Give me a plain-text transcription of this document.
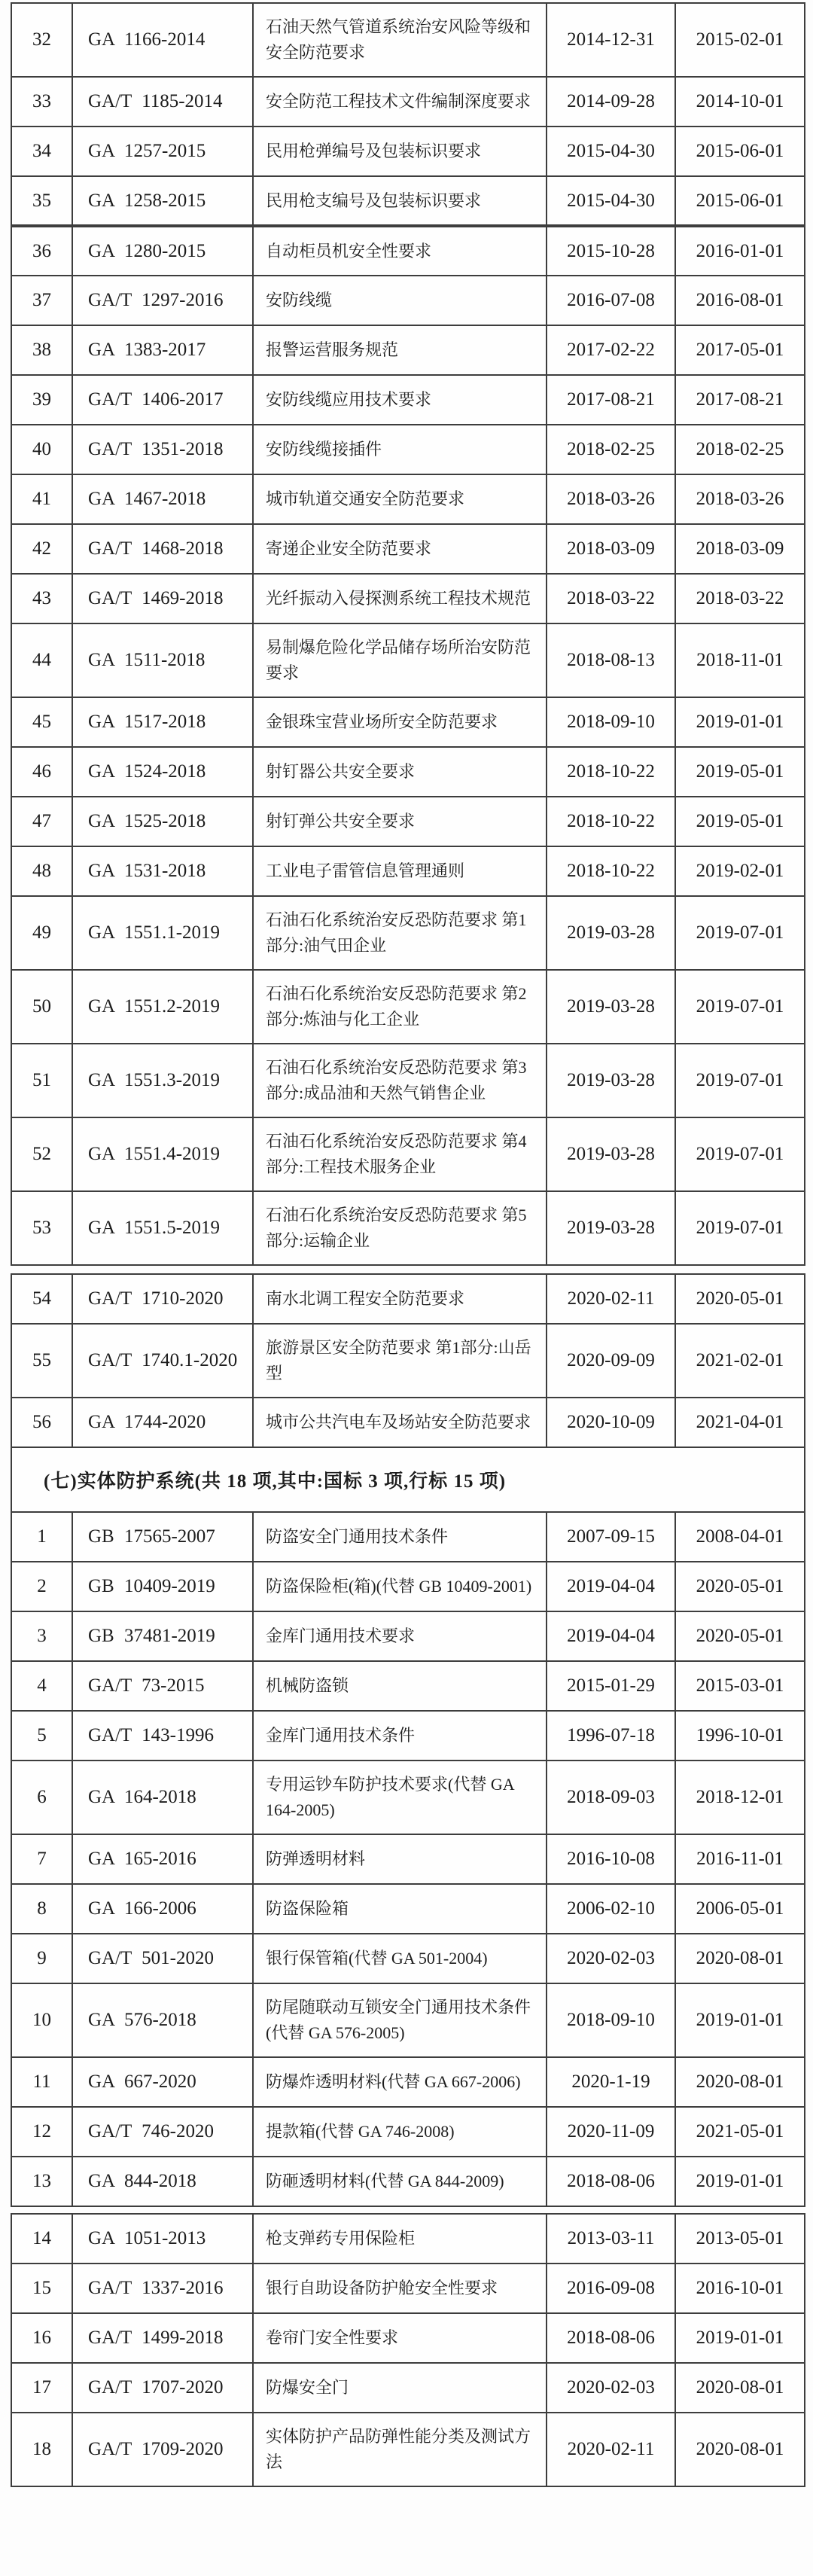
32	GA 1166-2014	石油天然气管道系统治安风险等级和安全防范要求	2014-12-31	2015-02-01
33	GA/T 1185-2014	安全防范工程技术文件编制深度要求	2014-09-28	2014-10-01
34	GA 1257-2015	民用枪弹编号及包装标识要求	2015-04-30	2015-06-01
35	GA 1258-2015	民用枪支编号及包装标识要求	2015-04-30	2015-06-01
36	GA 1280-2015	自动柜员机安全性要求	2015-10-28	2016-01-01
37	GA/T 1297-2016	安防线缆	2016-07-08	2016-08-01
38	GA 1383-2017	报警运营服务规范	2017-02-22	2017-05-01
39	GA/T 1406-2017	安防线缆应用技术要求	2017-08-21	2017-08-21
40	GA/T 1351-2018	安防线缆接插件	2018-02-25	2018-02-25
41	GA 1467-2018	城市轨道交通安全防范要求	2018-03-26	2018-03-26
42	GA/T 1468-2018	寄递企业安全防范要求	2018-03-09	2018-03-09
43	GA/T 1469-2018	光纤振动入侵探测系统工程技术规范	2018-03-22	2018-03-22
44	GA 1511-2018	易制爆危险化学品储存场所治安防范要求	2018-08-13	2018-11-01
45	GA 1517-2018	金银珠宝营业场所安全防范要求	2018-09-10	2019-01-01
46	GA 1524-2018	射钉器公共安全要求	2018-10-22	2019-05-01
47	GA 1525-2018	射钉弹公共安全要求	2018-10-22	2019-05-01
48	GA 1531-2018	工业电子雷管信息管理通则	2018-10-22	2019-02-01
49	GA 1551.1-2019	石油石化系统治安反恐防范要求 第1部分:油气田企业	2019-03-28	2019-07-01
50	GA 1551.2-2019	石油石化系统治安反恐防范要求 第2部分:炼油与化工企业	2019-03-28	2019-07-01
51	GA 1551.3-2019	石油石化系统治安反恐防范要求 第3部分:成品油和天然气销售企业	2019-03-28	2019-07-01
52	GA 1551.4-2019	石油石化系统治安反恐防范要求 第4部分:工程技术服务企业	2019-03-28	2019-07-01
53	GA 1551.5-2019	石油石化系统治安反恐防范要求 第5部分:运输企业	2019-03-28	2019-07-01
54	GA/T 1710-2020	南水北调工程安全防范要求	2020-02-11	2020-05-01
55	GA/T 1740.1-2020	旅游景区安全防范要求 第1部分:山岳型	2020-09-09	2021-02-01
56	GA 1744-2020	城市公共汽电车及场站安全防范要求	2020-10-09	2021-04-01
(七)实体防护系统(共 18 项,其中:国标 3 项,行标 15 项)
1	GB 17565-2007	防盗安全门通用技术条件	2007-09-15	2008-04-01
2	GB 10409-2019	防盗保险柜(箱)(代替 GB 10409-2001)	2019-04-04	2020-05-01
3	GB 37481-2019	金库门通用技术要求	2019-04-04	2020-05-01
4	GA/T 73-2015	机械防盗锁	2015-01-29	2015-03-01
5	GA/T 143-1996	金库门通用技术条件	1996-07-18	1996-10-01
6	GA 164-2018	专用运钞车防护技术要求(代替 GA 164-2005)	2018-09-03	2018-12-01
7	GA 165-2016	防弹透明材料	2016-10-08	2016-11-01
8	GA 166-2006	防盗保险箱	2006-02-10	2006-05-01
9	GA/T 501-2020	银行保管箱(代替 GA 501-2004)	2020-02-03	2020-08-01
10	GA 576-2018	防尾随联动互锁安全门通用技术条件(代替 GA 576-2005)	2018-09-10	2019-01-01
11	GA 667-2020	防爆炸透明材料(代替 GA 667-2006)	2020-1-19	2020-08-01
12	GA/T 746-2020	提款箱(代替 GA 746-2008)	2020-11-09	2021-05-01
13	GA 844-2018	防砸透明材料(代替 GA 844-2009)	2018-08-06	2019-01-01
14	GA 1051-2013	枪支弹药专用保险柜	2013-03-11	2013-05-01
15	GA/T 1337-2016	银行自助设备防护舱安全性要求	2016-09-08	2016-10-01
16	GA/T 1499-2018	卷帘门安全性要求	2018-08-06	2019-01-01
17	GA/T 1707-2020	防爆安全门	2020-02-03	2020-08-01
18	GA/T 1709-2020	实体防护产品防弹性能分类及测试方法	2020-02-11	2020-08-01
